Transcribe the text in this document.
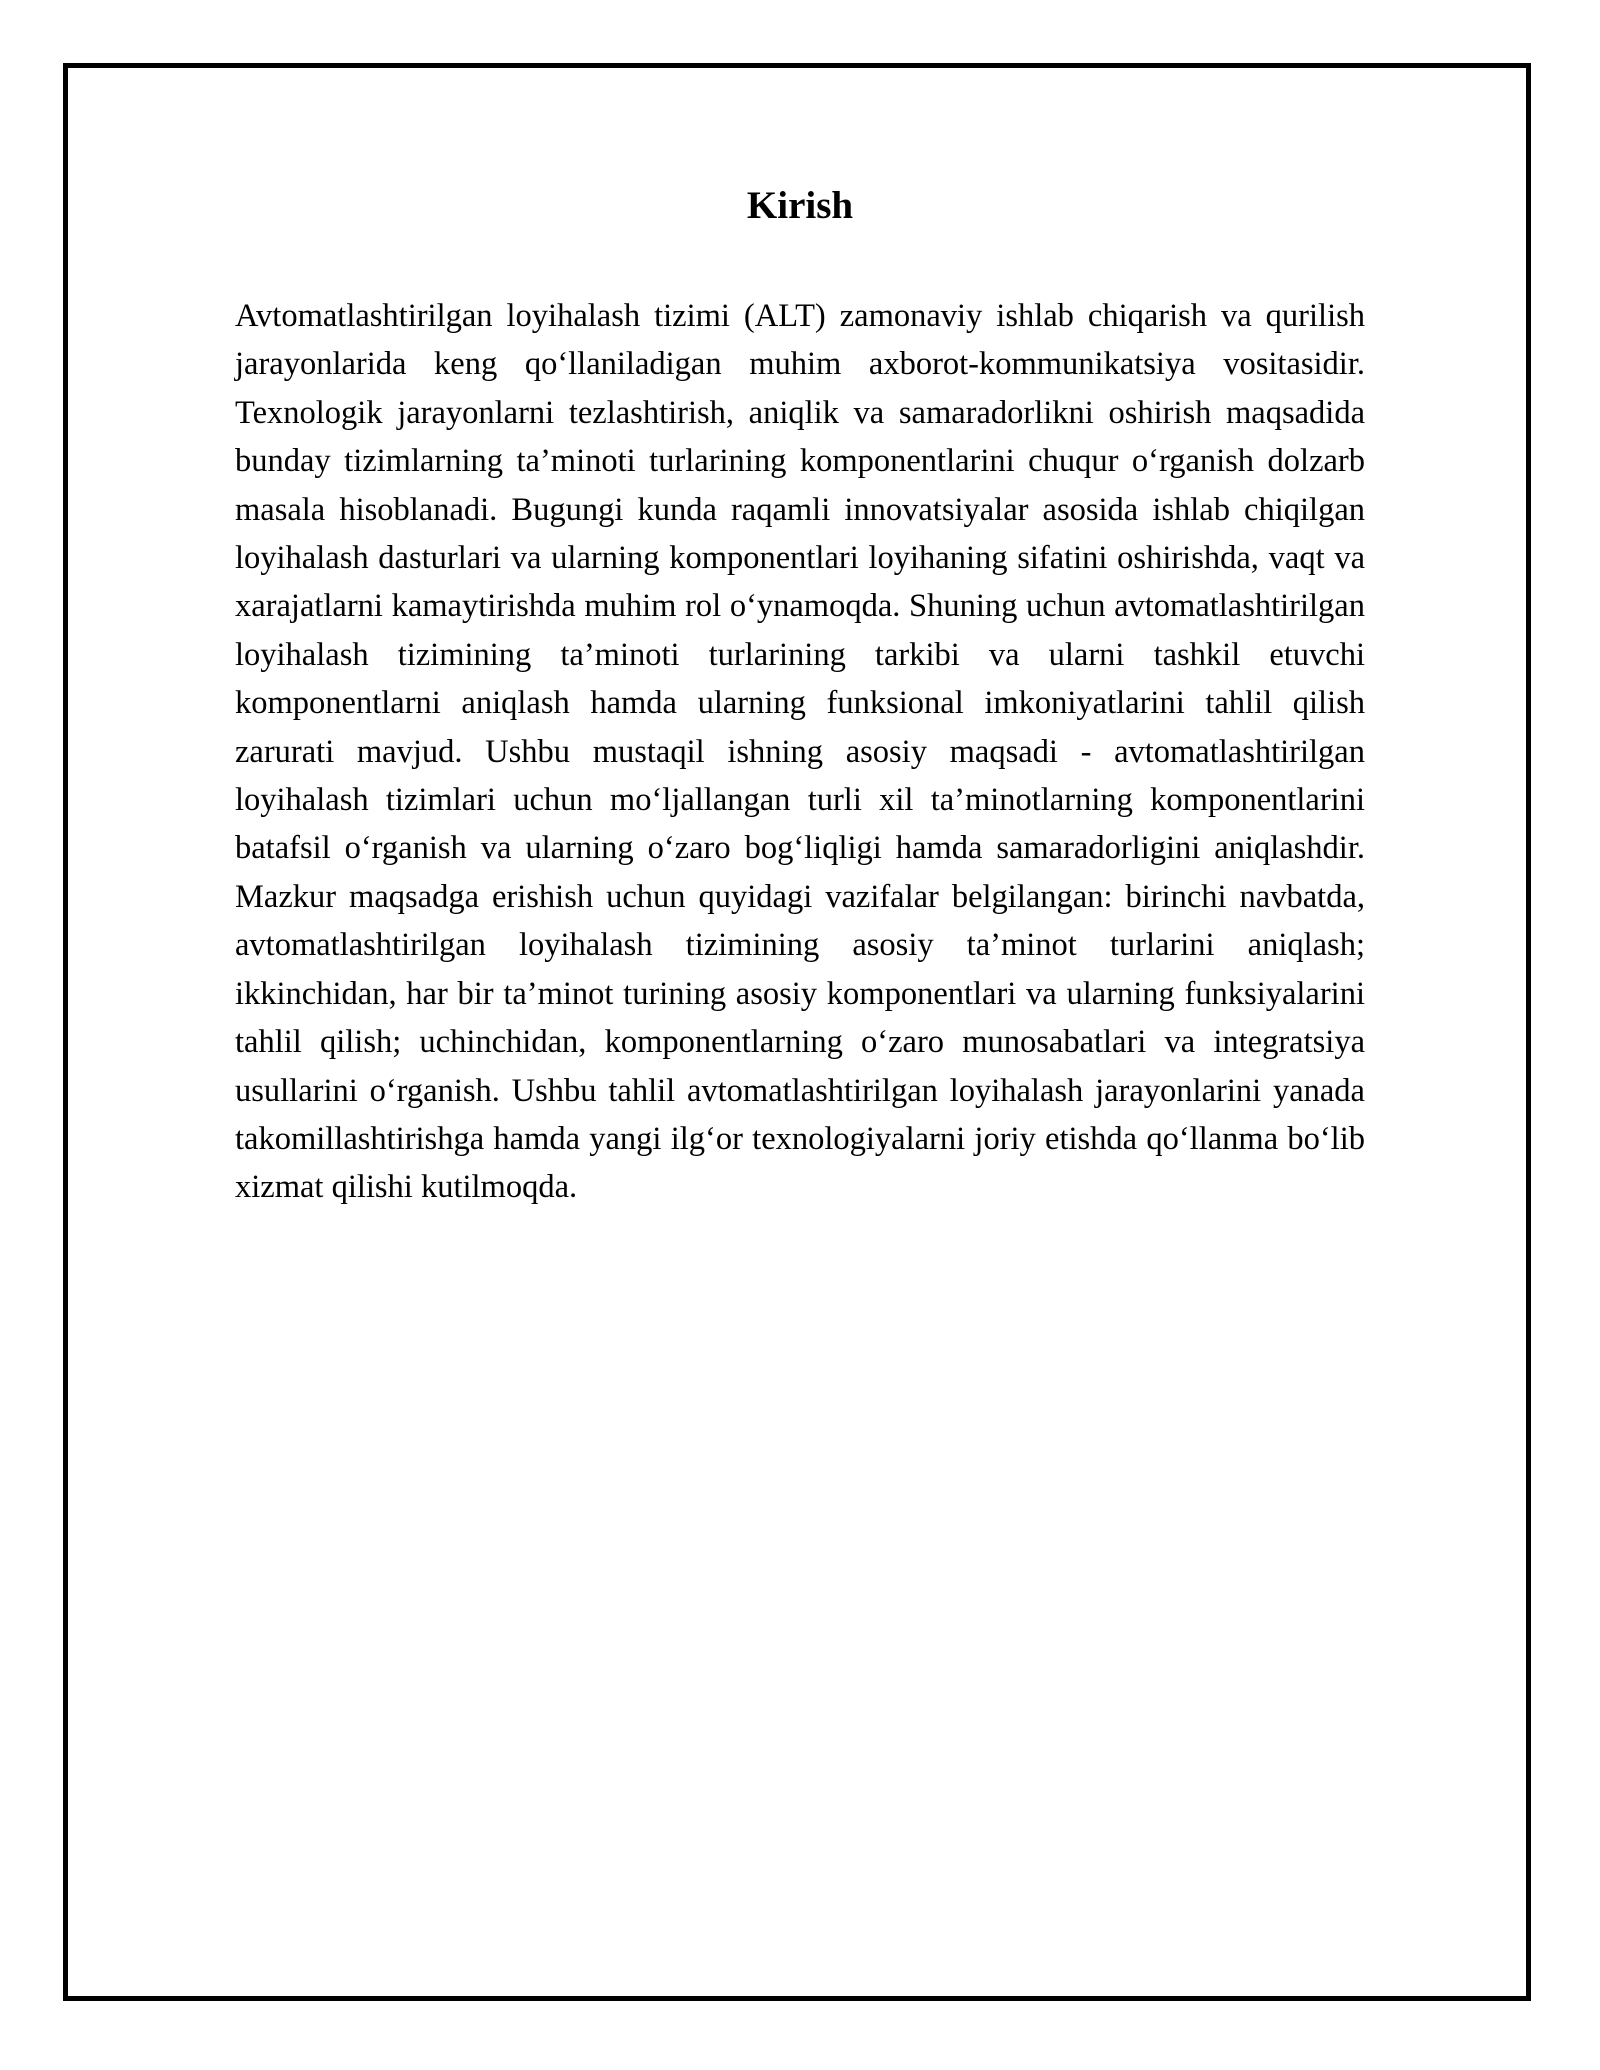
Kirish

Avtomatlashtirilgan loyihalash tizimi (ALT) zamonaviy ishlab chiqarish va qurilish jarayonlarida keng qo‘llaniladigan muhim axborot-kommunikatsiya vositasidir. Texnologik jarayonlarni tezlashtirish, aniqlik va samaradorlikni oshirish maqsadida bunday tizimlarning ta’minoti turlarining komponentlarini chuqur o‘rganish dolzarb masala hisoblanadi. Bugungi kunda raqamli innovatsiyalar asosida ishlab chiqilgan loyihalash dasturlari va ularning komponentlari loyihaning sifatini oshirishda, vaqt va xarajatlarni kamaytirishda muhim rol o‘ynamoqda. Shuning uchun avtomatlashtirilgan loyihalash tizimining ta’minoti turlarining tarkibi va ularni tashkil etuvchi komponentlarni aniqlash hamda ularning funksional imkoniyatlarini tahlil qilish zarurati mavjud. Ushbu mustaqil ishning asosiy maqsadi - avtomatlashtirilgan loyihalash tizimlari uchun mo‘ljallangan turli xil ta’minotlarning komponentlarini batafsil o‘rganish va ularning o‘zaro bog‘liqligi hamda samaradorligini aniqlashdir. Mazkur maqsadga erishish uchun quyidagi vazifalar belgilangan: birinchi navbatda, avtomatlashtirilgan loyihalash tizimining asosiy ta’minot turlarini aniqlash; ikkinchidan, har bir ta’minot turining asosiy komponentlari va ularning funksiyalarini tahlil qilish; uchinchidan, komponentlarning o‘zaro munosabatlari va integratsiya usullarini o‘rganish. Ushbu tahlil avtomatlashtirilgan loyihalash jarayonlarini yanada takomillashtirishga hamda yangi ilg‘or texnologiyalarni joriy etishda qo‘llanma bo‘lib xizmat qilishi kutilmoqda.
